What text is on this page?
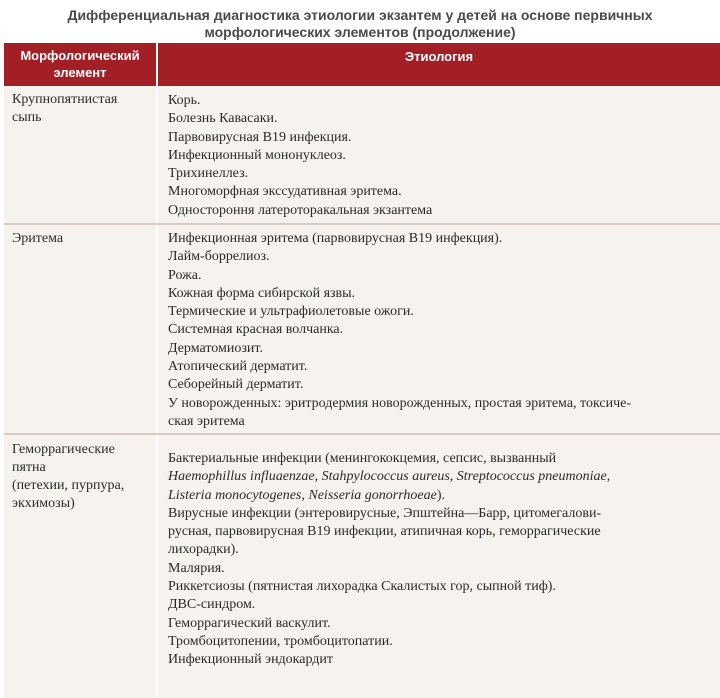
Дифференциальная диагностика этиологии экзантем у детей на основе первичных
морфологических элементов (продолжение)
Морфологический
элемент
Этиология
Крупнопятнистая
сыпь
Корь.
Болезнь Кавасаки.
Парвовирусная В19 инфекция.
Инфекционный мононуклеоз.
Трихинеллез.
Многоморфная экссудативная эритема.
Одностороння латероторакальная экзантема
Эритема	Инфекционная эритема (парвовирусная В19 инфекция).
Лайм-боррелиоз.
Рожа.
Кожная форма сибирской язвы.
Термические и ультрафиолетовые ожоги.
Системная красная волчанка.
Дерматомиозит.
Атопический дерматит.
Себорейный дерматит.
У новорожденных: эритродермия новорожденных, простая эритема, токсиче-
ская эритема
Геморрагические
пятна
(петехии, пурпура,
экхимозы)
Бактериальные инфекции (менингококцемия, сепсис, вызванный
Haemophillus influaenzae, Stahpylococcus aureus, Streptococcus pneumoniae,
Listeria monocytogenes, Neisseria gonorrhoeae).
Вирусные инфекции (энтеровирусные, Эпштейна—Барр, цитомегалови-
русная, парвовирусная В19 инфекции, атипичная корь, геморрагические
лихорадки).
Малярия.
Риккетсиозы (пятнистая лихорадка Скалистых гор, сыпной тиф).
ДВС-синдром.
Геморрагический васкулит.
Тромбоцитопении, тромбоцитопатии.
Инфекционный эндокардит
